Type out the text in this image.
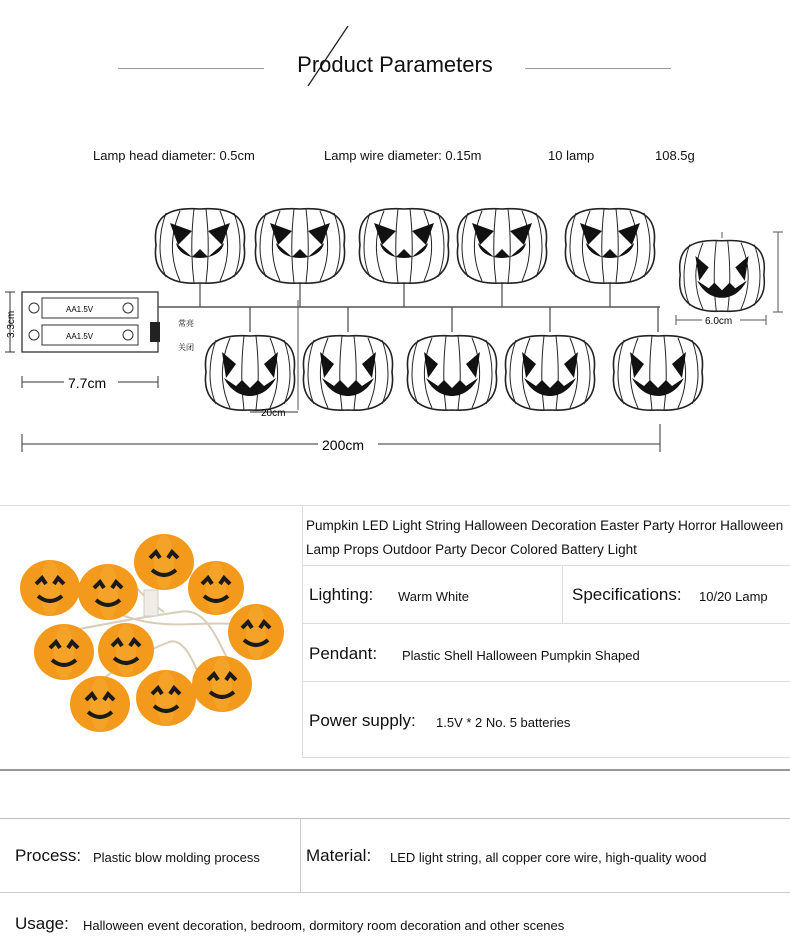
Product Parameters
Lamp head diameter: 0.5cm	Lamp wire diameter: 0.15m	10 lamp	108.5g
AA1.5V
AA1.5V
常亮
关闭
3.3cm	6.0cm
7.7cm
20cm
200cm
Pumpkin LED Light String Halloween Decoration Easter Party Horror Halloween Lamp Props Outdoor Party Decor Colored Battery Light
Lighting: Warm White	Specifications: 10/20 Lamp
Pendant: Plastic Shell Halloween Pumpkin Shaped
Power supply: 1.5V * 2 No. 5 batteries
Process: Plastic blow molding process	Material: LED light string, all copper core wire, high-quality wood
Usage: Halloween event decoration, bedroom, dormitory room decoration and other scenes
